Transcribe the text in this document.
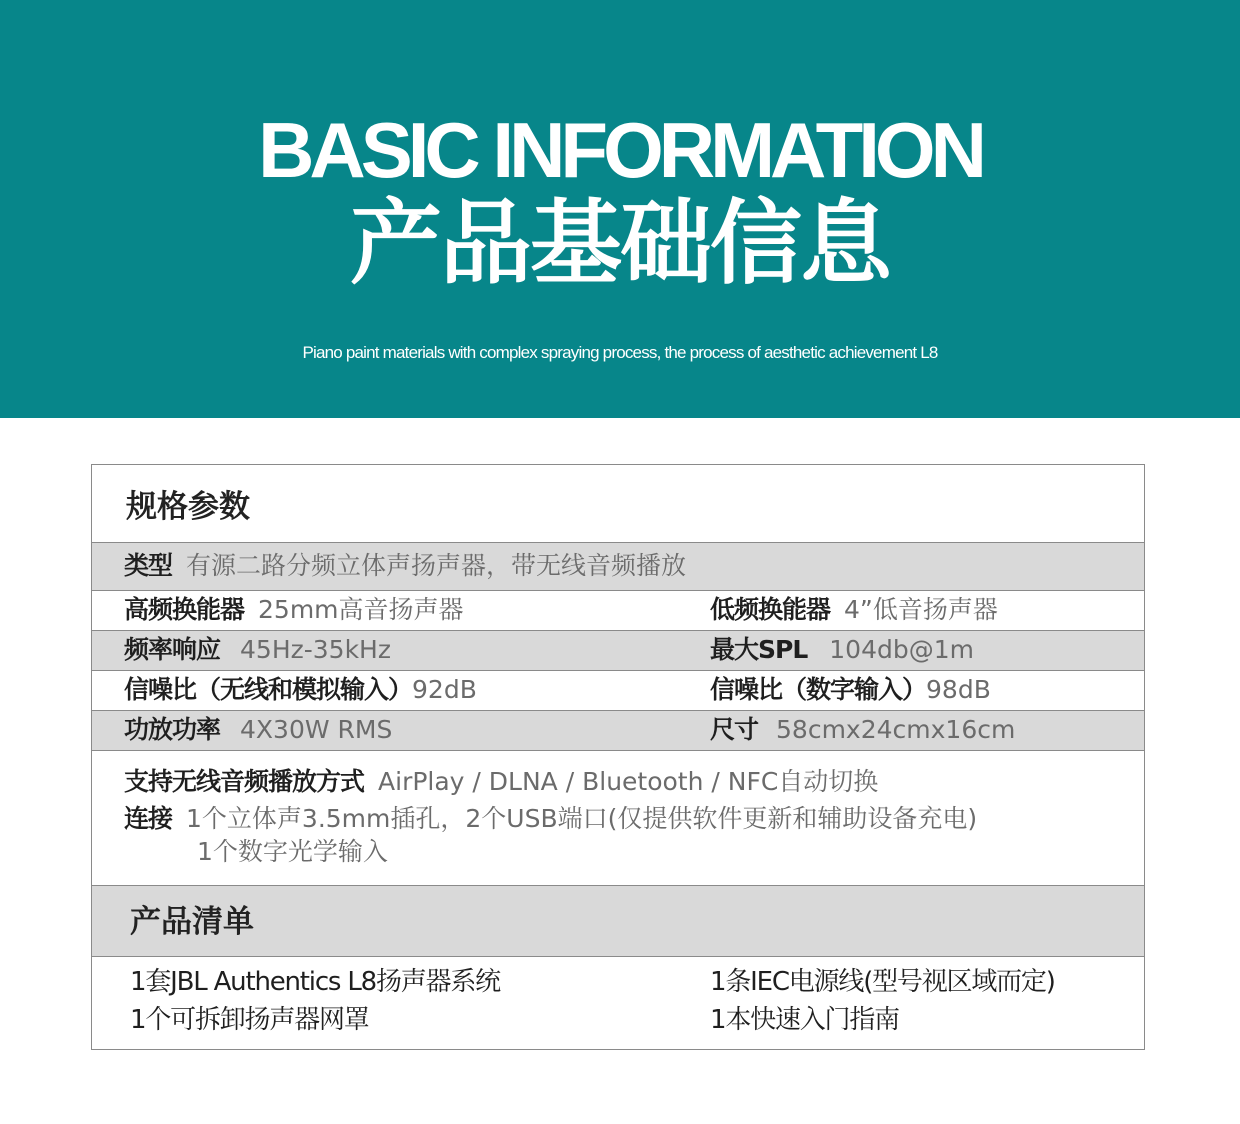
BASIC INFORMATION
产品基础信息
Piano paint materials with complex spraying process, the process of aesthetic achievement L8
规格参数
类型 有源二路分频立体声扬声器，带无线音频播放
高频换能器 25mm高音扬声器	低频换能器 4”低音扬声器
频率响应 45Hz-35kHz	最大SPL 104db@1m
信噪比（无线和模拟输入）92dB	信噪比（数字输入）98dB
功放功率 4X30W RMS	尺寸 58cmx24cmx16cm
支持无线音频播放方式 AirPlay / DLNA / Bluetooth / NFC自动切换
连接 1个立体声3.5mm插孔，2个USB端口(仅提供软件更新和辅助设备充电)
1个数字光学输入
产品清单
1套JBL Authentics L8扬声器系统	1条IEC电源线(型号视区域而定)
1个可拆卸扬声器网罩	1本快速入门指南
